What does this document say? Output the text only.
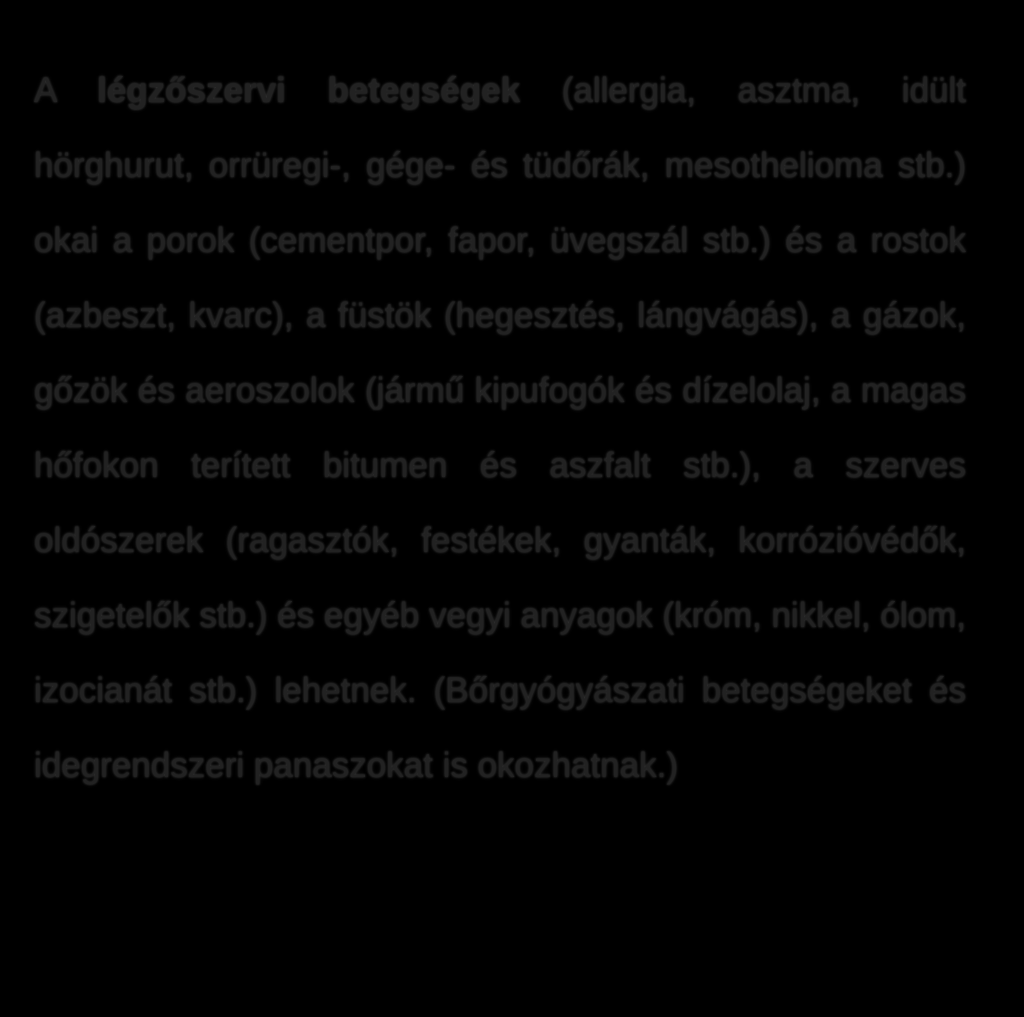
A légzőszervi betegségek (allergia, asztma, idült hörghurut, orrüregi-, gége- és tüdőrák, mesothelioma stb.) okai a porok (cementpor, fapor, üvegszál stb.) és a rostok (azbeszt, kvarc), a füstök (hegesztés, lángvágás), a gázok, gőzök és aeroszolok (jármű kipufogók és dízelolaj, a magas hőfokon terített bitumen és aszfalt stb.), a szerves oldószerek (ragasztók, festékek, gyanták, korrózióvédők, szigetelők stb.) és egyéb vegyi anyagok (króm, nikkel, ólom, izocianát stb.) lehetnek. (Bőrgyógyászati betegségeket és idegrendszeri panaszokat is okozhatnak.)
